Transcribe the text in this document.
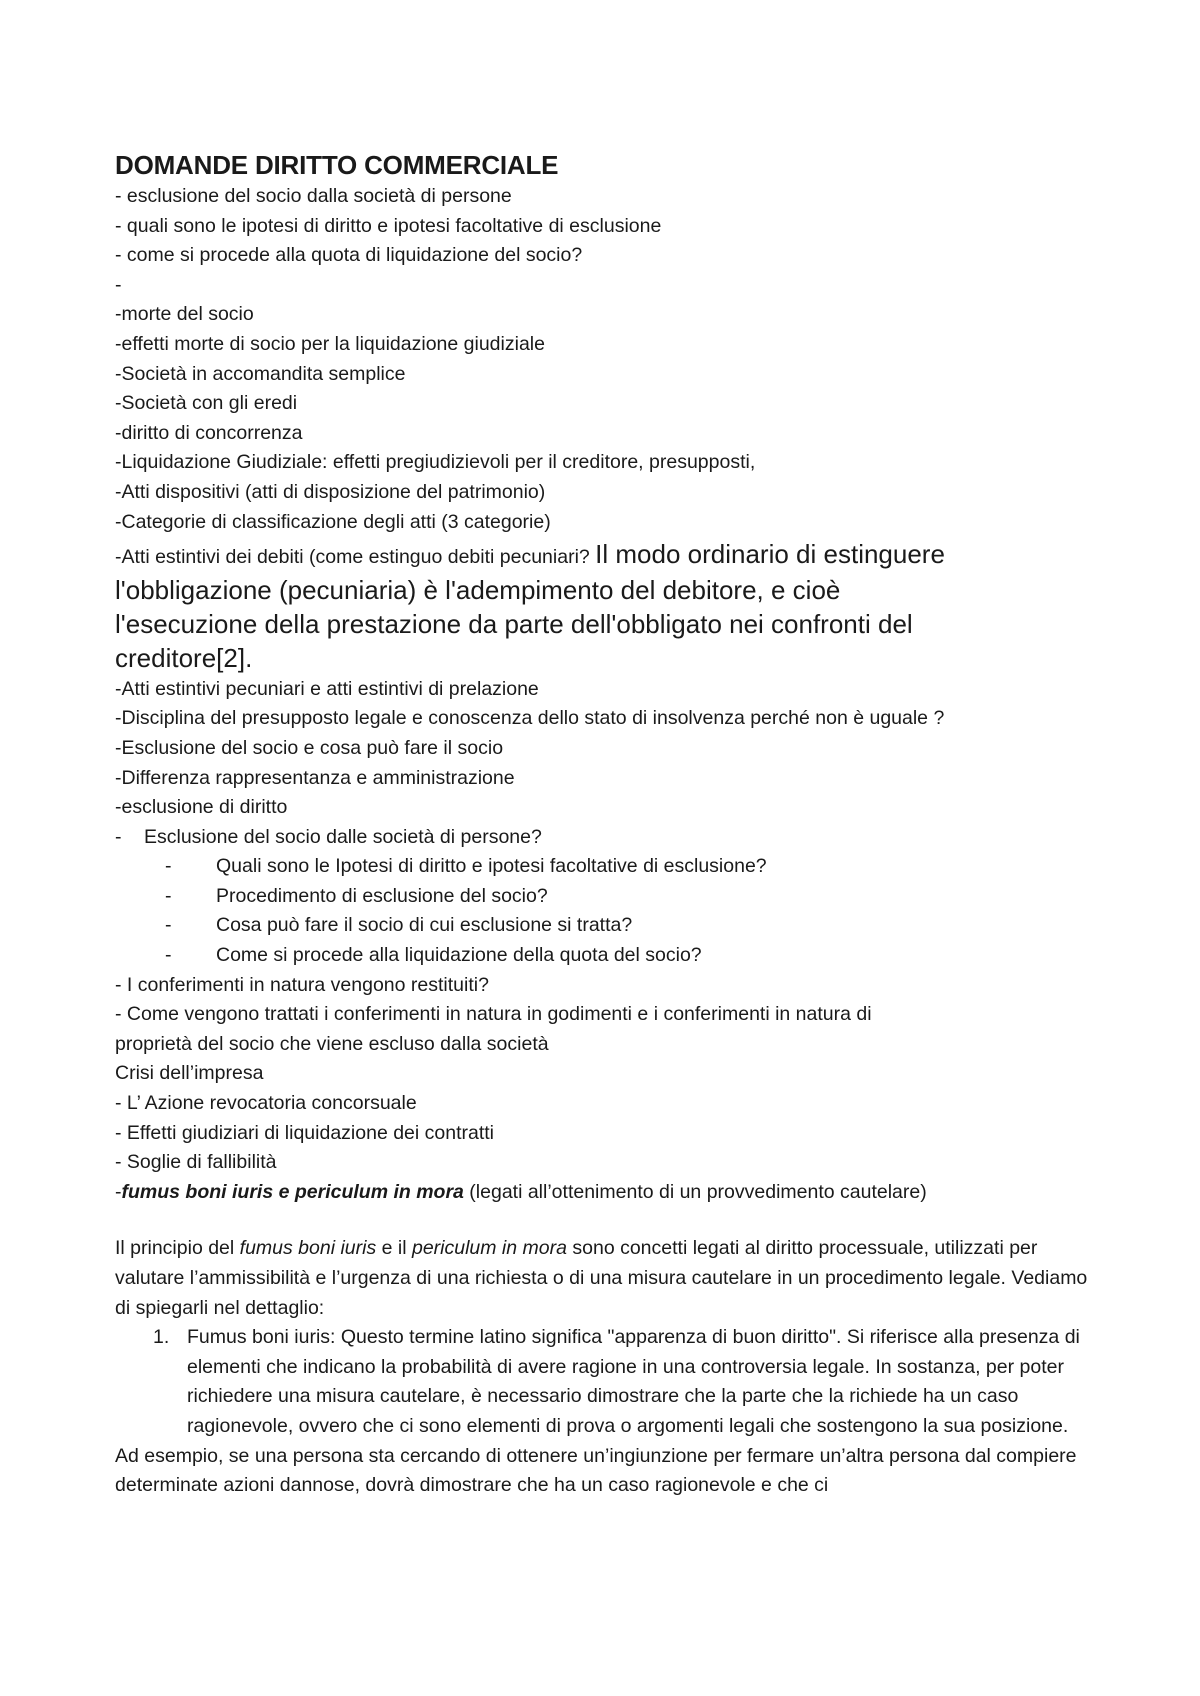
DOMANDE DIRITTO COMMERCIALE

- esclusione del socio dalla società di persone

- quali sono le ipotesi di diritto e ipotesi facoltative di esclusione

- come si procede alla quota di liquidazione del socio?

-

-morte del socio

-effetti morte di socio per la liquidazione giudiziale

-Società in accomandita semplice

-Società con gli eredi

-diritto di concorrenza

-Liquidazione Giudiziale: effetti pregiudizievoli per il creditore, presupposti,

-Atti dispositivi (atti di disposizione del patrimonio)

-Categorie di classificazione degli atti (3 categorie)

-Atti estintivi dei debiti (come estinguo debiti pecuniari? Il modo ordinario di estinguere

l'obbligazione (pecuniaria) è l'adempimento del debitore, e cioè

l'esecuzione della prestazione da parte dell'obbligato nei confronti del

creditore[2].

-Atti estintivi pecuniari e atti estintivi di prelazione

-Disciplina del presupposto legale e conoscenza dello stato di insolvenza perché non è uguale ?

-Esclusione del socio e cosa può fare il socio

-Differenza rappresentanza e amministrazione

-esclusione di diritto

- Esclusione del socio dalle società di persone?

- Quali sono le Ipotesi di diritto e ipotesi facoltative di esclusione?

- Procedimento di esclusione del socio?

- Cosa può fare il socio di cui esclusione si tratta?

- Come si procede alla liquidazione della quota del socio?

- I conferimenti in natura vengono restituiti?

- Come vengono trattati i conferimenti in natura in godimenti e i conferimenti in natura di

proprietà del socio che viene escluso dalla società

Crisi dell’impresa

- L’ Azione revocatoria concorsuale

- Effetti giudiziari di liquidazione dei contratti

- Soglie di fallibilità

-fumus boni iuris e periculum in mora (legati all’ottenimento di un provvedimento cautelare)

Il principio del fumus boni iuris e il periculum in mora sono concetti legati al diritto processuale, utilizzati per valutare l’ammissibilità e l’urgenza di una richiesta o di una misura cautelare in un procedimento legale. Vediamo di spiegarli nel dettaglio:

1. Fumus boni iuris: Questo termine latino significa "apparenza di buon diritto". Si riferisce alla presenza di elementi che indicano la probabilità di avere ragione in una controversia legale. In sostanza, per poter richiedere una misura cautelare, è necessario dimostrare che la parte che la richiede ha un caso ragionevole, ovvero che ci sono elementi di prova o argomenti legali che sostengono la sua posizione.

Ad esempio, se una persona sta cercando di ottenere un’ingiunzione per fermare un’altra persona dal compiere determinate azioni dannose, dovrà dimostrare che ha un caso ragionevole e che ci
